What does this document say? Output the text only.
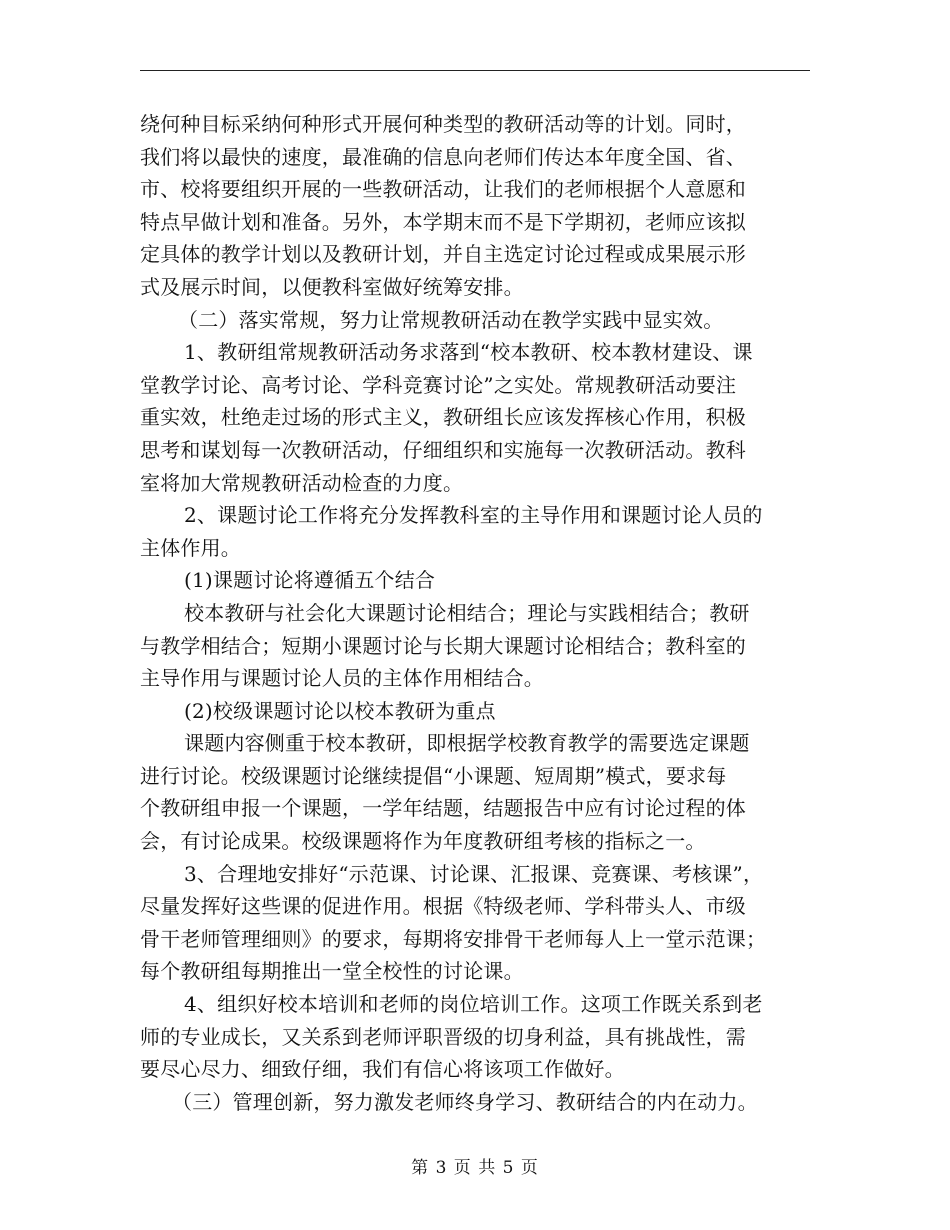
绕何种目标采纳何种形式开展何种类型的教研活动等的计划。同时，
我们将以最快的速度，最准确的信息向老师们传达本年度全国、省、
市、校将要组织开展的一些教研活动，让我们的老师根据个人意愿和
特点早做计划和准备。另外，本学期末而不是下学期初，老师应该拟
定具体的教学计划以及教研计划，并自主选定讨论过程或成果展示形
式及展示时间，以便教科室做好统筹安排。
（二）落实常规，努力让常规教研活动在教学实践中显实效。
1、教研组常规教研活动务求落到“校本教研、校本教材建设、课
堂教学讨论、高考讨论、学科竞赛讨论”之实处。常规教研活动要注
重实效，杜绝走过场的形式主义，教研组长应该发挥核心作用，积极
思考和谋划每一次教研活动，仔细组织和实施每一次教研活动。教科
室将加大常规教研活动检查的力度。
2、课题讨论工作将充分发挥教科室的主导作用和课题讨论人员的
主体作用。
(1)课题讨论将遵循五个结合
校本教研与社会化大课题讨论相结合；理论与实践相结合；教研
与教学相结合；短期小课题讨论与长期大课题讨论相结合；教科室的
主导作用与课题讨论人员的主体作用相结合。
(2)校级课题讨论以校本教研为重点
课题内容侧重于校本教研，即根据学校教育教学的需要选定课题
进行讨论。校级课题讨论继续提倡“小课题、短周期”模式，要求每
个教研组申报一个课题，一学年结题，结题报告中应有讨论过程的体
会，有讨论成果。校级课题将作为年度教研组考核的指标之一。
3、合理地安排好“示范课、讨论课、汇报课、竞赛课、考核课”，
尽量发挥好这些课的促进作用。根据《特级老师、学科带头人、市级
骨干老师管理细则》的要求，每期将安排骨干老师每人上一堂示范课；
每个教研组每期推出一堂全校性的讨论课。
4、组织好校本培训和老师的岗位培训工作。这项工作既关系到老
师的专业成长，又关系到老师评职晋级的切身利益，具有挑战性，需
要尽心尽力、细致仔细，我们有信心将该项工作做好。
（三）管理创新，努力激发老师终身学习、教研结合的内在动力。
第 3 页 共 5 页
